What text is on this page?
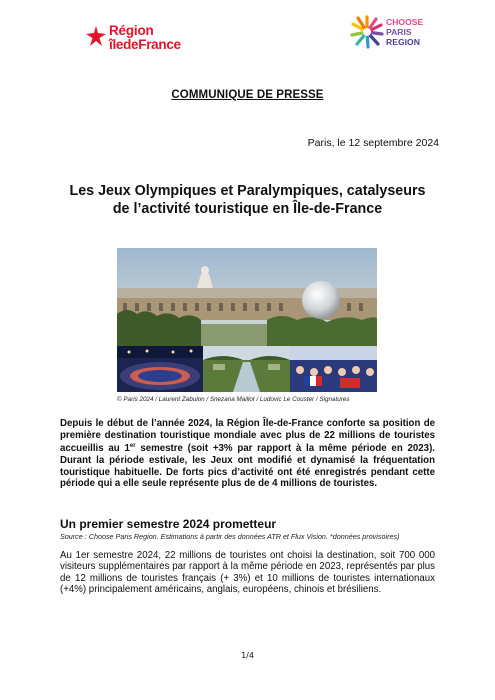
Région
îledeFrance
CHOOSE
PARIS
REGION
COMMUNIQUE DE PRESSE
Paris, le 12 septembre 2024
Les Jeux Olympiques et Paralympiques, catalyseurs
de l’activité touristique en Île-de-France
© Paris 2024 / Laurent Zabulon / Snezana Maillot / Ludovic Le Couster / Signatures
Depuis le début de l’année 2024, la Région Île-de-France conforte sa position de première destination touristique mondiale avec plus de 22 millions de touristes accueillis au 1er semestre (soit +3% par rapport à la même période en 2023). Durant la période estivale, les Jeux ont modifié et dynamisé la fréquentation touristique habituelle. De forts pics d’activité ont été enregistrés pendant cette période qui a elle seule représente plus de de 4 millions de touristes.
Un premier semestre 2024 prometteur
Source : Choose Paris Region. Estimations à partir des données ATR et Flux Vision. *données provisoires)
Au 1er semestre 2024, 22 millions de touristes ont choisi la destination, soit 700 000 visiteurs supplémentaires par rapport à la même période en 2023, représentés par plus de 12 millions de touristes français (+ 3%) et 10 millions de touristes internationaux (+4%) principalement américains, anglais, européens, chinois et brésiliens.
1/4
